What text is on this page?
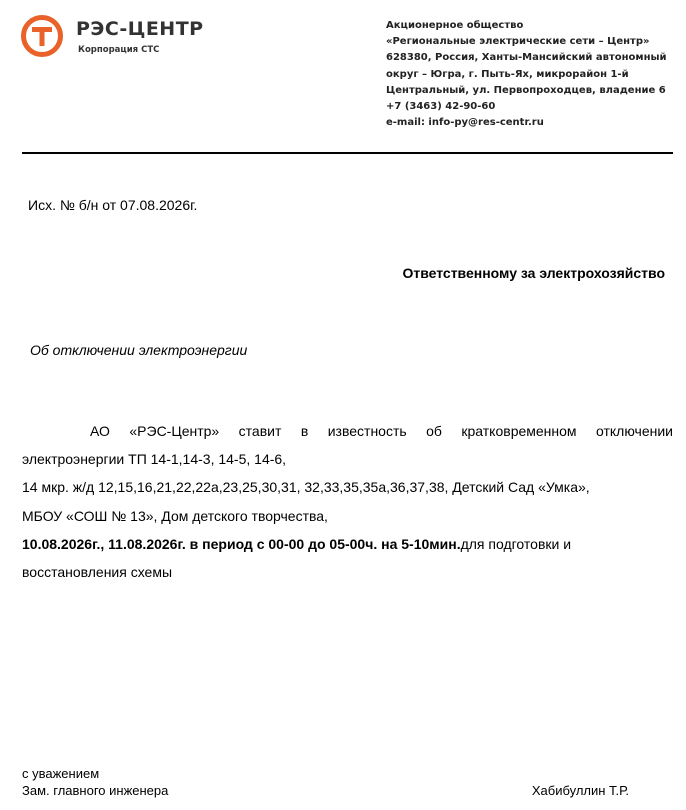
РЭС-ЦЕНТР
Корпорация СТС
Акционерное общество
«Региональные электрические сети – Центр»
628380, Россия, Ханты-Мансийский автономный
округ – Югра, г. Пыть-Ях, микрорайон 1-й
Центральный, ул. Первопроходцев, владение 6
+7 (3463) 42-90-60
e-mail: info-py@res-centr.ru
Исх. № б/н от 07.08.2026г.
Ответственному за электрохозяйство
Об отключении электроэнергии
АО «РЭС-Центр» ставит в известность об кратковременном отключении
электроэнергии ТП 14-1,14-3, 14-5, 14-6,
14 мкр. ж/д 12,15,16,21,22,22а,23,25,30,31, 32,33,35,35а,36,37,38, Детский Сад «Умка»,
МБОУ «СОШ № 13», Дом детского творчества,
10.08.2026г., 11.08.2026г. в период с 00-00 до 05-00ч. на 5-10мин.для подготовки и
восстановления схемы
с уважением
Зам. главного инженера	Хабибуллин Т.Р.
